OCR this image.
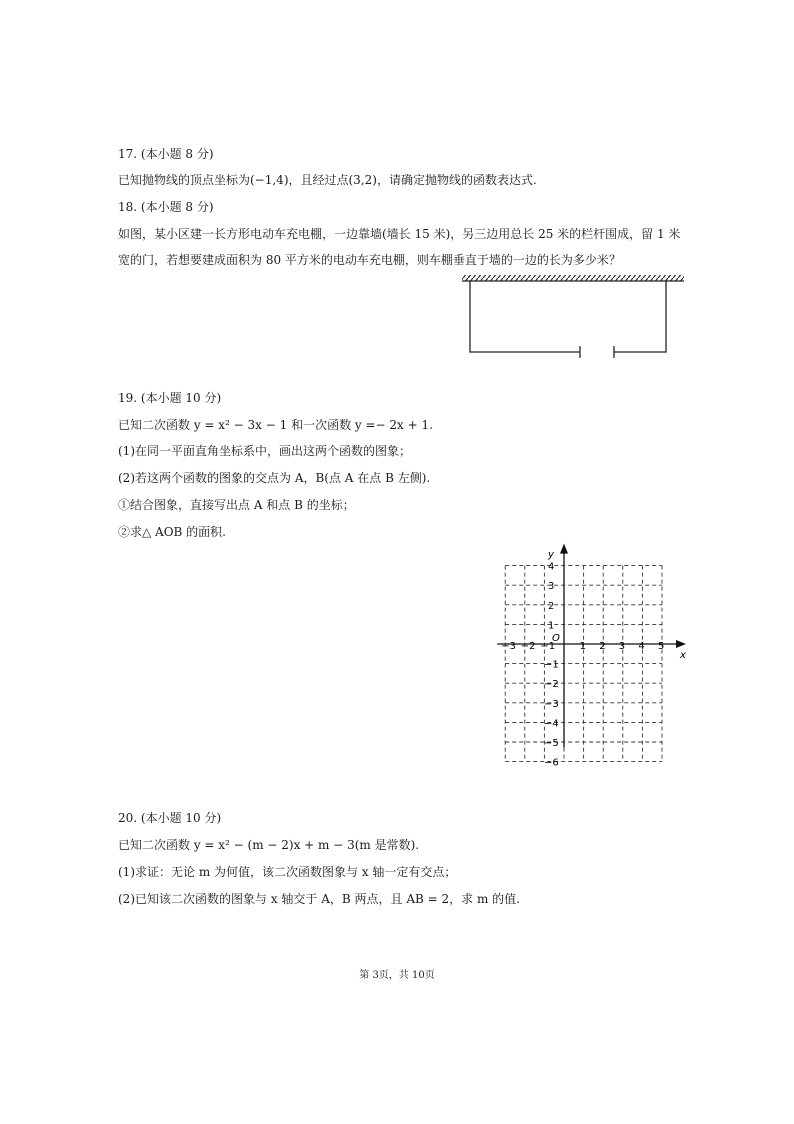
17. (本小题 8 分)
已知抛物线的顶点坐标为(−1,4)，且经过点(3,2)，请确定抛物线的函数表达式.
18. (本小题 8 分)
如图，某小区建一长方形电动车充电棚，一边靠墙(墙长 15 米)，另三边用总长 25 米的栏杆围成，留 1 米
宽的门，若想要建成面积为 80 平方米的电动车充电棚，则车棚垂直于墙的一边的长为多少米？
19. (本小题 10 分)
已知二次函数 y = x² − 3x − 1 和一次函数 y =− 2x + 1.
(1)在同一平面直角坐标系中，画出这两个函数的图象；
(2)若这两个函数的图象的交点为 A，B(点 A 在点 B 左侧).
①结合图象，直接写出点 A 和点 B 的坐标；
②求△ AOB 的面积.
x
y
O
−3 −2 −1 1 2 3 4 5
4
3
2
1
−1
−2
−3
−4
−5
−6
20. (本小题 10 分)
已知二次函数 y = x² − (m − 2)x + m − 3(m 是常数).
(1)求证：无论 m 为何值，该二次函数图象与 x 轴一定有交点；
(2)已知该二次函数的图象与 x 轴交于 A，B 两点，且 AB = 2，求 m 的值.
第 3页，共 10页
